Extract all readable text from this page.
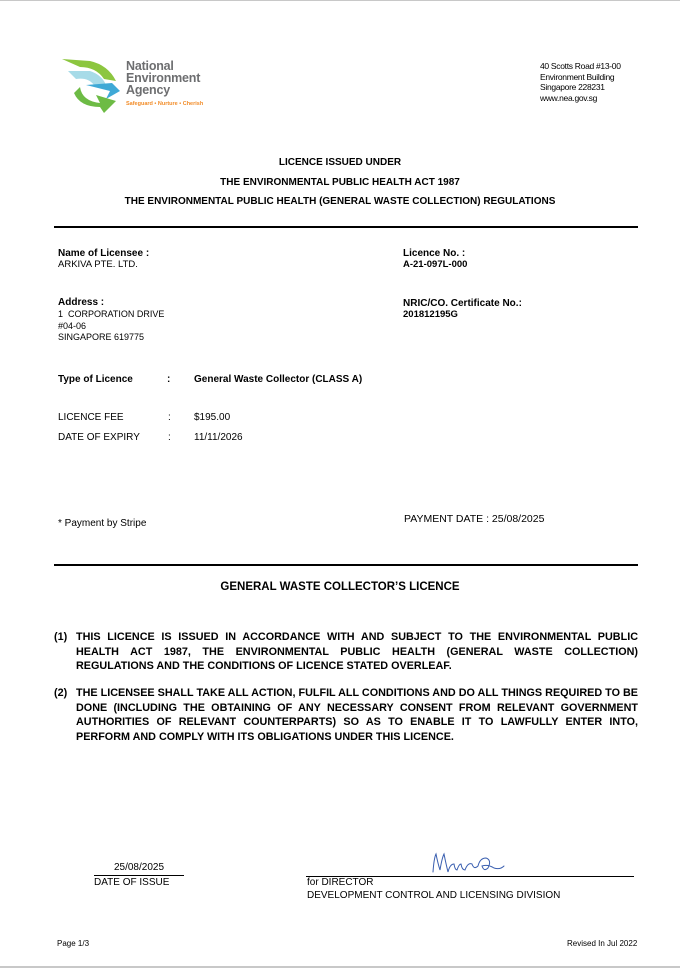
National
Environment
Agency
Safeguard • Nurture • Cherish
40 Scotts Road #13-00
Environment Building
Singapore 228231
www.nea.gov.sg
LICENCE ISSUED UNDER
THE ENVIRONMENTAL PUBLIC HEALTH ACT 1987
THE ENVIRONMENTAL PUBLIC HEALTH (GENERAL WASTE COLLECTION) REGULATIONS
Name of Licensee :
ARKIVA PTE. LTD.
Address :
1  CORPORATION DRIVE
#04-06
SINGAPORE 619775
Licence No. :
A-21-097L-000
NRIC/CO. Certificate No.:
201812195G
Type of Licence	: General Waste Collector (CLASS A)
LICENCE FEE	: $195.00
DATE OF EXPIRY	: 11/11/2026
* Payment by Stripe	PAYMENT DATE : 25/08/2025
GENERAL WASTE COLLECTOR’S LICENCE
(1) THIS LICENCE IS ISSUED IN ACCORDANCE WITH AND SUBJECT TO THE ENVIRONMENTAL PUBLIC HEALTH ACT 1987, THE ENVIRONMENTAL PUBLIC HEALTH (GENERAL WASTE COLLECTION) REGULATIONS AND THE CONDITIONS OF LICENCE STATED OVERLEAF.
(2) THE LICENSEE SHALL TAKE ALL ACTION, FULFIL ALL CONDITIONS AND DO ALL THINGS REQUIRED TO BE DONE (INCLUDING THE OBTAINING OF ANY NECESSARY CONSENT FROM RELEVANT GOVERNMENT AUTHORITIES OF RELEVANT COUNTERPARTS) SO AS TO ENABLE IT TO LAWFULLY ENTER INTO, PERFORM AND COMPLY WITH ITS OBLIGATIONS UNDER THIS LICENCE.
25/08/2025
DATE OF ISSUE	for DIRECTOR
DEVELOPMENT CONTROL AND LICENSING DIVISION
Page 1/3	Revised In Jul 2022
